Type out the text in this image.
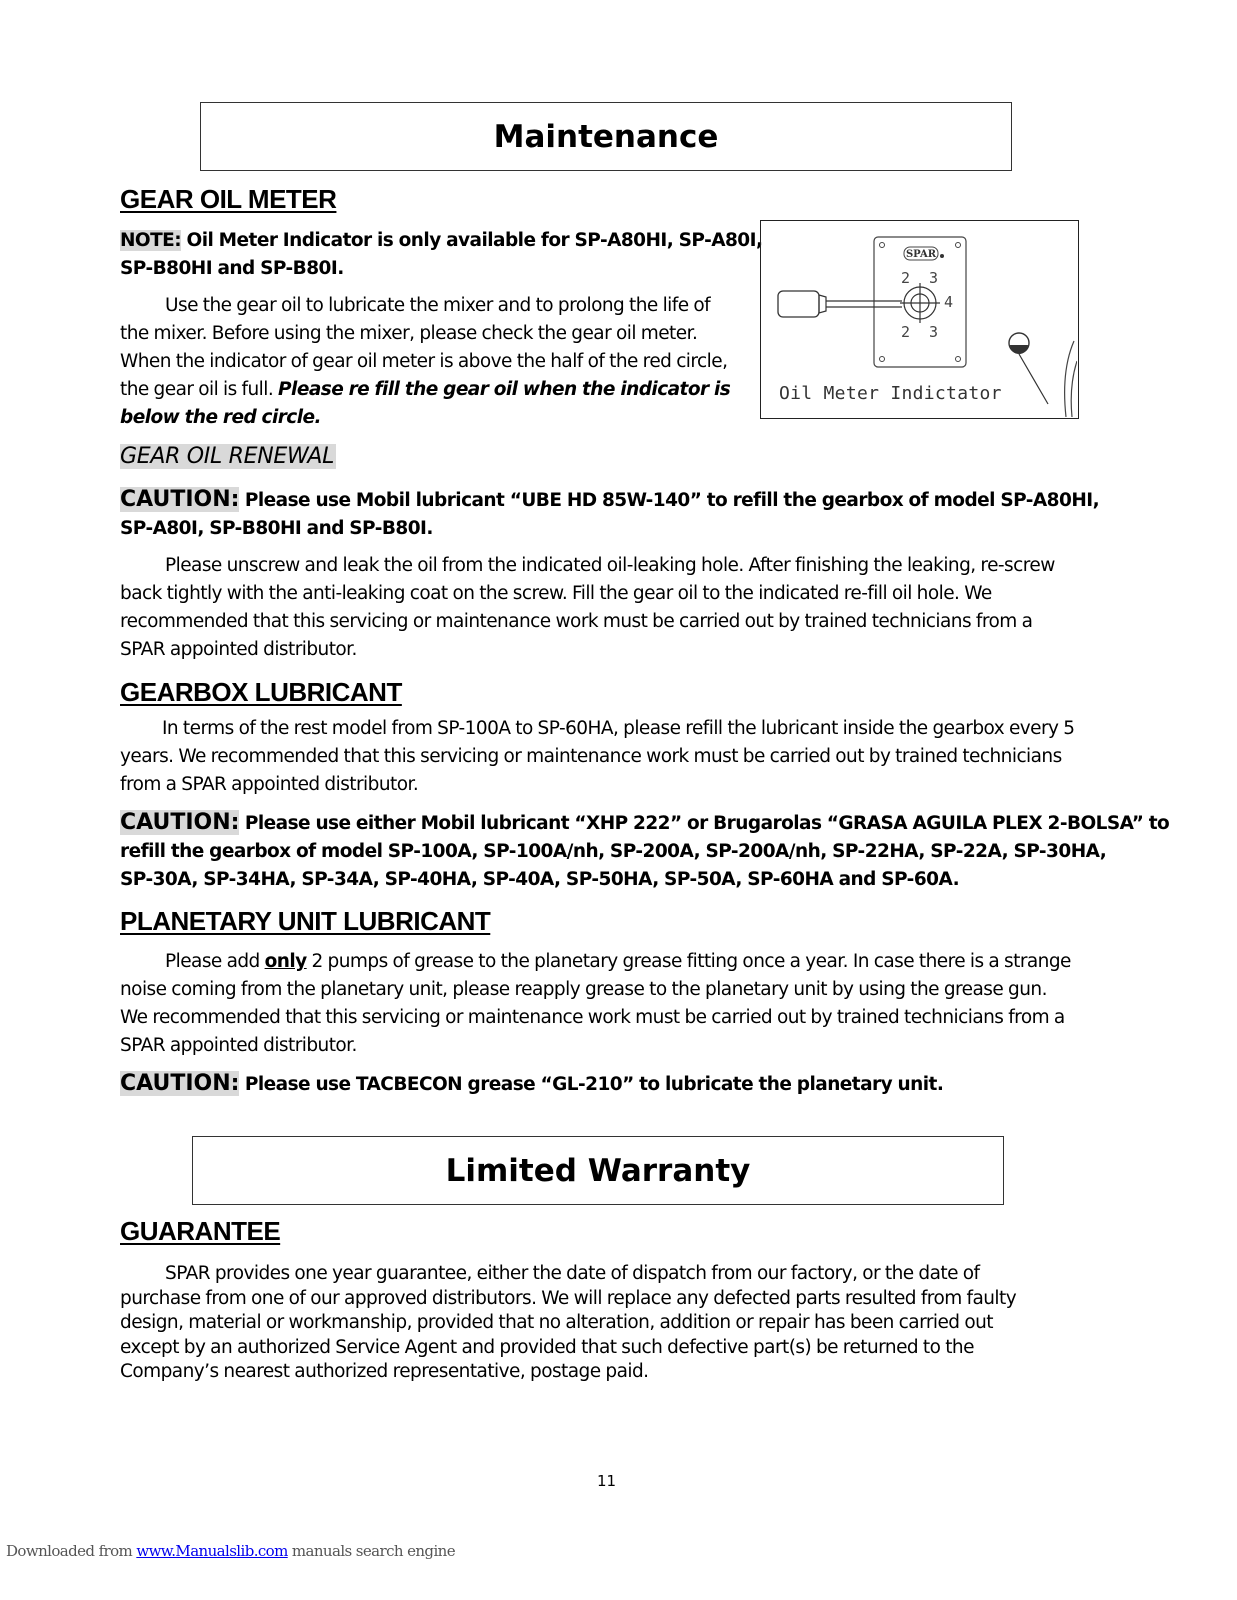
Maintenance
GEAR OIL METER
NOTE: Oil Meter Indicator is only available for SP-A80HI, SP-A80I,
SP-B80HI and SP-B80I.
Use the gear oil to lubricate the mixer and to prolong the life of
the mixer. Before using the mixer, please check the gear oil meter.
When the indicator of gear oil meter is above the half of the red circle,
the gear oil is full. Please re fill the gear oil when the indicator is
below the red circle.
SPAR
2 3
4
2 3
Oil Meter Indictator
GEAR OIL RENEWAL
CAUTION: Please use Mobil lubricant “UBE HD 85W-140” to refill the gearbox of model SP-A80HI,
SP-A80I, SP-B80HI and SP-B80I.
Please unscrew and leak the oil from the indicated oil-leaking hole. After finishing the leaking, re-screw
back tightly with the anti-leaking coat on the screw. Fill the gear oil to the indicated re-fill oil hole. We
recommended that this servicing or maintenance work must be carried out by trained technicians from a
SPAR appointed distributor.
GEARBOX LUBRICANT
In terms of the rest model from SP-100A to SP-60HA, please refill the lubricant inside the gearbox every 5
years. We recommended that this servicing or maintenance work must be carried out by trained technicians
from a SPAR appointed distributor.
CAUTION: Please use either Mobil lubricant “XHP 222” or Brugarolas “GRASA AGUILA PLEX 2-BOLSA” to
refill the gearbox of model SP-100A, SP-100A/nh, SP-200A, SP-200A/nh, SP-22HA, SP-22A, SP-30HA,
SP-30A, SP-34HA, SP-34A, SP-40HA, SP-40A, SP-50HA, SP-50A, SP-60HA and SP-60A.
PLANETARY UNIT LUBRICANT
Please add only 2 pumps of grease to the planetary grease fitting once a year. In case there is a strange
noise coming from the planetary unit, please reapply grease to the planetary unit by using the grease gun.
We recommended that this servicing or maintenance work must be carried out by trained technicians from a
SPAR appointed distributor.
CAUTION: Please use TACBECON grease “GL-210” to lubricate the planetary unit.
Limited Warranty
GUARANTEE
SPAR provides one year guarantee, either the date of dispatch from our factory, or the date of
purchase from one of our approved distributors. We will replace any defected parts resulted from faulty
design, material or workmanship, provided that no alteration, addition or repair has been carried out
except by an authorized Service Agent and provided that such defective part(s) be returned to the
Company’s nearest authorized representative, postage paid.
11
Downloaded from www.Manualslib.com manuals search engine
